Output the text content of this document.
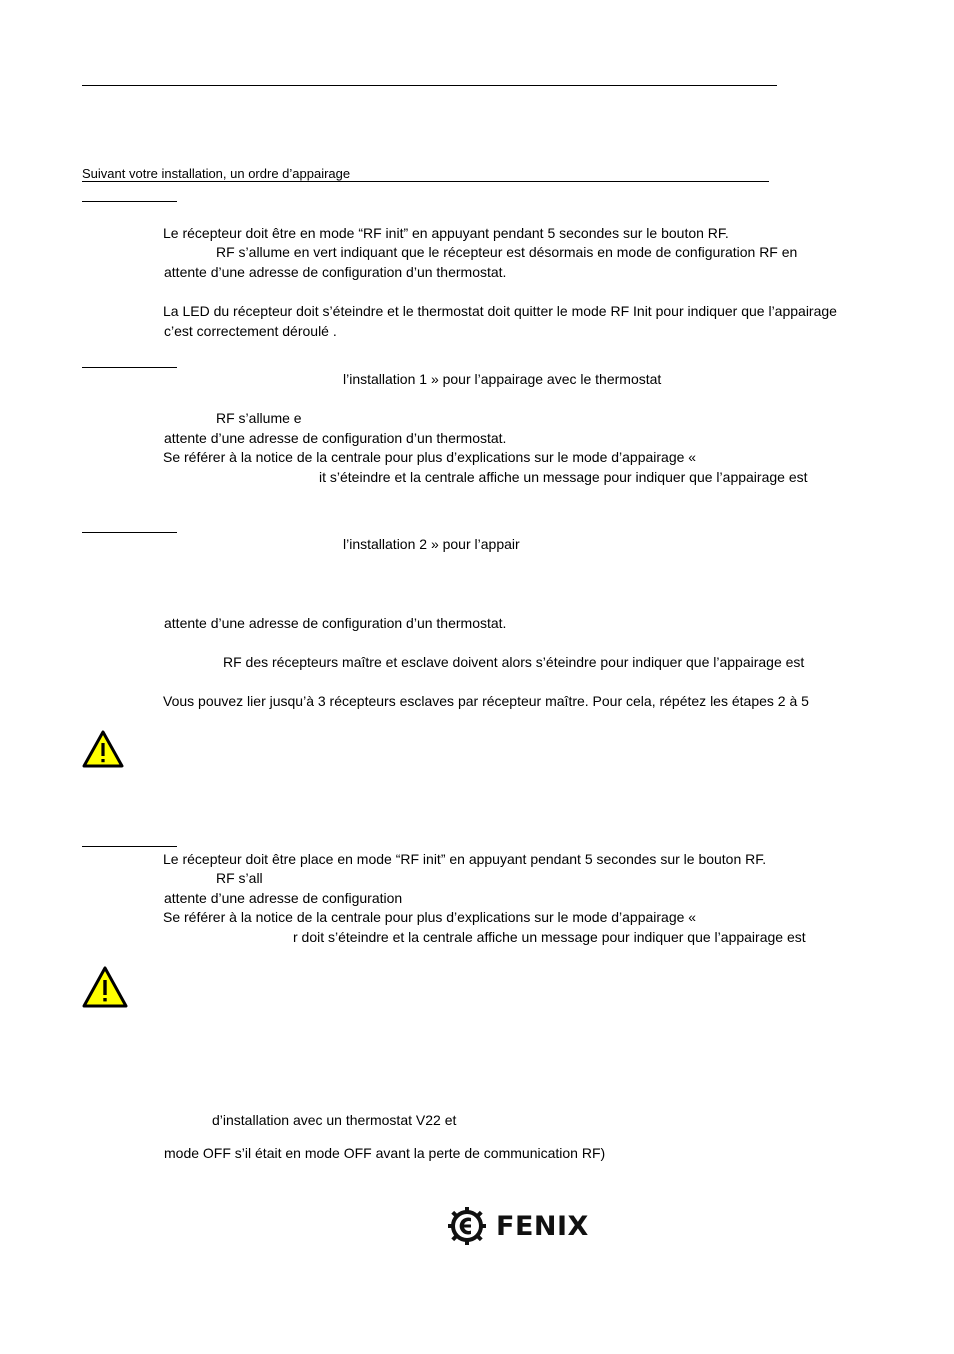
Suivant votre installation, un ordre d’appairage
Le récepteur doit être en mode “RF init” en appuyant pendant 5 secondes sur le bouton RF.
RF s’allume en vert indiquant que le récepteur est désormais en mode de configuration RF en
attente d’une adresse de configuration d’un thermostat.
La LED du récepteur doit s’éteindre et le thermostat doit quitter le mode RF Init pour indiquer que l’appairage
c’est correctement déroulé .
l’installation 1 » pour l’appairage avec le thermostat
RF s’allume e
attente d’une adresse de configuration d’un thermostat.
Se référer à la notice de la centrale pour plus d’explications sur le mode d’appairage «
it s’éteindre et la centrale affiche un message pour indiquer que l’appairage est
l’installation 2 » pour l’appair
attente d’une adresse de configuration d’un thermostat.
RF des récepteurs maître et esclave doivent alors s’éteindre pour indiquer que l’appairage est
Vous pouvez lier jusqu’à 3 récepteurs esclaves par récepteur maître. Pour cela, répétez les étapes 2 à 5
Le récepteur doit être place en mode “RF init” en appuyant pendant 5 secondes sur le bouton RF.
RF s’all
attente d’une adresse de configuration
Se référer à la notice de la centrale pour plus d’explications sur le mode d’appairage «
r doit s’éteindre et la centrale affiche un message pour indiquer que l’appairage est
d’installation avec un thermostat V22 et
mode OFF s’il était en mode OFF avant la perte de communication RF)
FENIX
